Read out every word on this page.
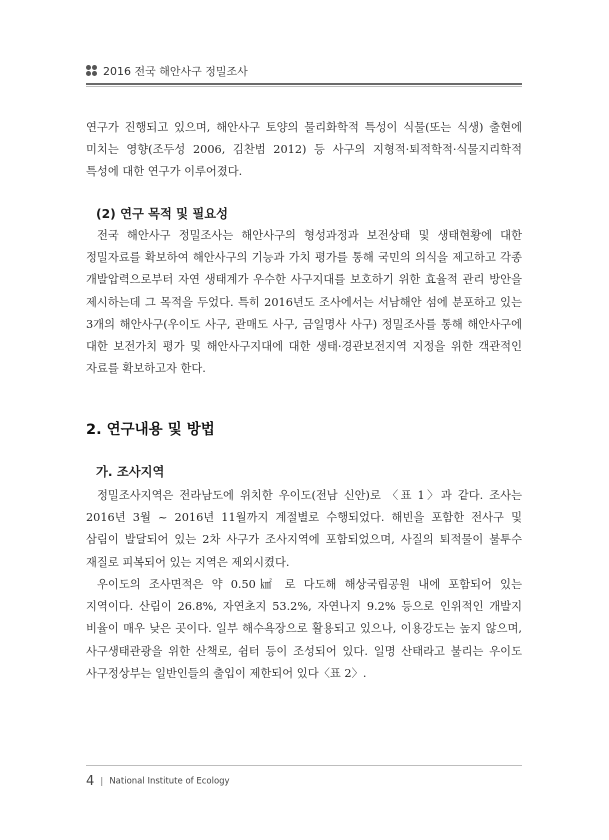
2016 전국 해안사구 정밀조사

연구가 진행되고 있으며, 해안사구 토양의 물리화학적 특성이 식물(또는 식생) 출현에 미치는 영향(조두성 2006, 김찬범 2012) 등 사구의 지형적·퇴적학적·식물지리학적 특성에 대한 연구가 이루어졌다.

(2) 연구 목적 및 필요성

전국 해안사구 정밀조사는 해안사구의 형성과정과 보전상태 및 생태현황에 대한 정밀자료를 확보하여 해안사구의 기능과 가치 평가를 통해 국민의 의식을 제고하고 각종 개발압력으로부터 자연 생태계가 우수한 사구지대를 보호하기 위한 효율적 관리 방안을 제시하는데 그 목적을 두었다. 특히 2016년도 조사에서는 서남해안 섬에 분포하고 있는 3개의 해안사구(우이도 사구, 관매도 사구, 금일명사 사구) 정밀조사를 통해 해안사구에 대한 보전가치 평가 및 해안사구지대에 대한 생태·경관보전지역 지정을 위한 객관적인 자료를 확보하고자 한다.

2. 연구내용 및 방법
가. 조사지역

정밀조사지역은 전라남도에 위치한 우이도(전남 신안)로 〈표 1〉과 같다. 조사는 2016년 3월 ~ 2016년 11월까지 계절별로 수행되었다. 해빈을 포함한 전사구 및 삼림이 발달되어 있는 2차 사구가 조사지역에 포함되었으며, 사질의 퇴적물이 불투수 재질로 피복되어 있는 지역은 제외시켰다.

우이도의 조사면적은 약 0.50㎢ 로 다도해 해상국립공원 내에 포함되어 있는 지역이다. 산림이 26.8%, 자연초지 53.2%, 자연나지 9.2% 등으로 인위적인 개발지 비율이 매우 낮은 곳이다. 일부 해수욕장으로 활용되고 있으나, 이용강도는 높지 않으며, 사구생태관광을 위한 산책로, 쉼터 등이 조성되어 있다. 일명 산태라고 불리는 우이도 사구정상부는 일반인들의 출입이 제한되어 있다〈표 2〉.

4 | National Institute of Ecology
